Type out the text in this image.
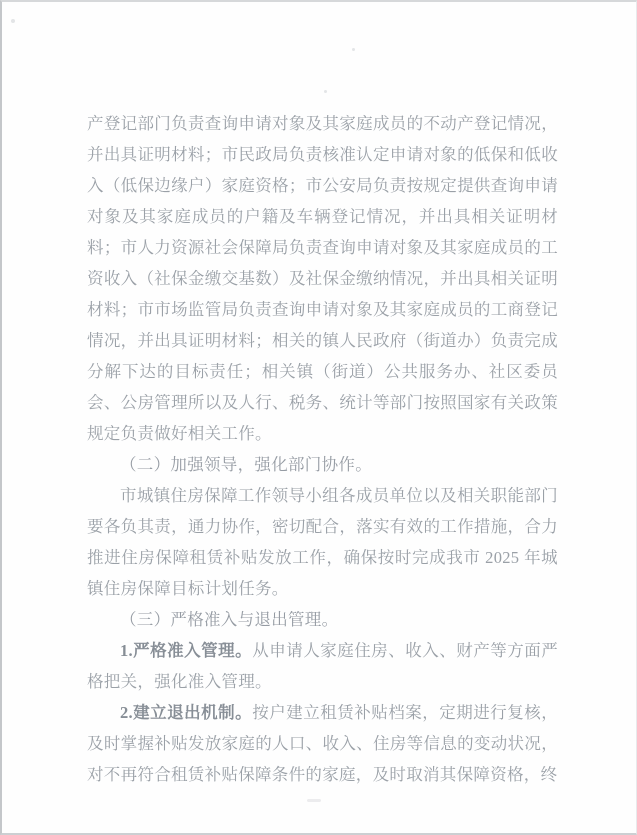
产登记部门负责查询申请对象及其家庭成员的不动产登记情况，并出具证明材料；市民政局负责核准认定申请对象的低保和低收入（低保边缘户）家庭资格；市公安局负责按规定提供查询申请对象及其家庭成员的户籍及车辆登记情况，并出具相关证明材料；市人力资源社会保障局负责查询申请对象及其家庭成员的工资收入（社保金缴交基数）及社保金缴纳情况，并出具相关证明材料；市市场监管局负责查询申请对象及其家庭成员的工商登记情况，并出具证明材料；相关的镇人民政府（街道办）负责完成分解下达的目标责任；相关镇（街道）公共服务办、社区委员会、公房管理所以及人行、税务、统计等部门按照国家有关政策规定负责做好相关工作。

（二）加强领导，强化部门协作。

市城镇住房保障工作领导小组各成员单位以及相关职能部门要各负其责，通力协作，密切配合，落实有效的工作措施，合力推进住房保障租赁补贴发放工作，确保按时完成我市 2025 年城镇住房保障目标计划任务。

（三）严格准入与退出管理。

1.严格准入管理。从申请人家庭住房、收入、财产等方面严格把关，强化准入管理。

2.建立退出机制。按户建立租赁补贴档案，定期进行复核，及时掌握补贴发放家庭的人口、收入、住房等信息的变动状况，对不再符合租赁补贴保障条件的家庭，及时取消其保障资格，终
